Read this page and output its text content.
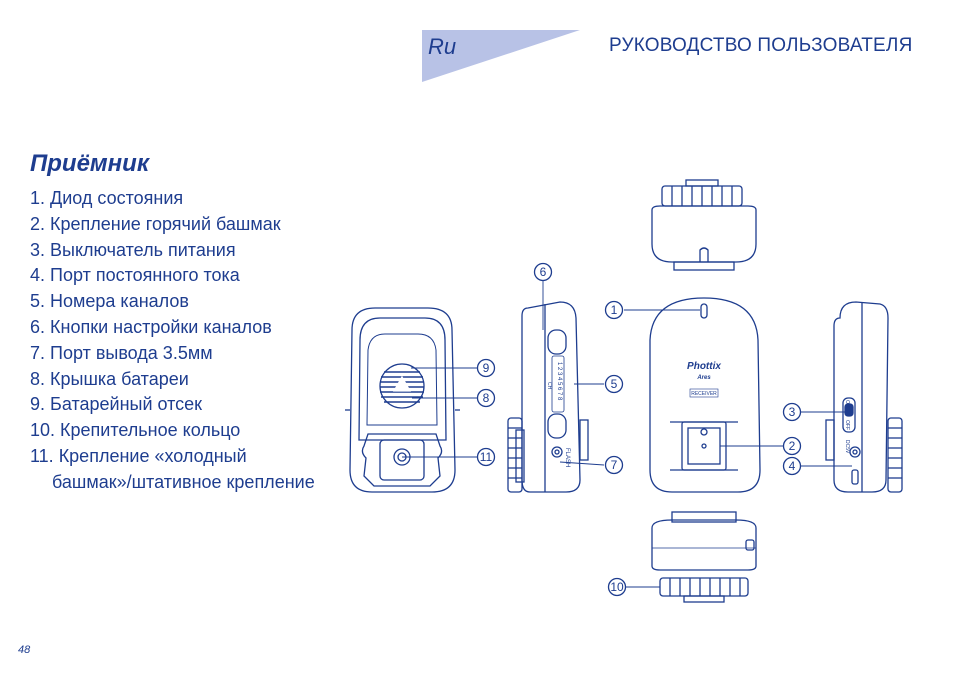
Ru	РУКОВОДСТВО ПОЛЬЗОВАТЕЛЯ
Приёмник
1. Диод состояния
2. Крепление горячий башмак
3. Выключатель питания
4. Порт постоянного тока
5. Номера каналов
6. Кнопки настройки каналов
7. Порт вывода 3.5мм
8. Крышка батареи
9. Батарейный отсек
10. Крепительное кольцо
11. Крепление «холодный
башмак»/штативное крепление
1 2 3 4 5 6 7 8
FLASH
CH
Phottix
Ares
RECEIVER
ON
OFF
DC5V
9
8
11
6
5
7
1
10
3
2
4
48
